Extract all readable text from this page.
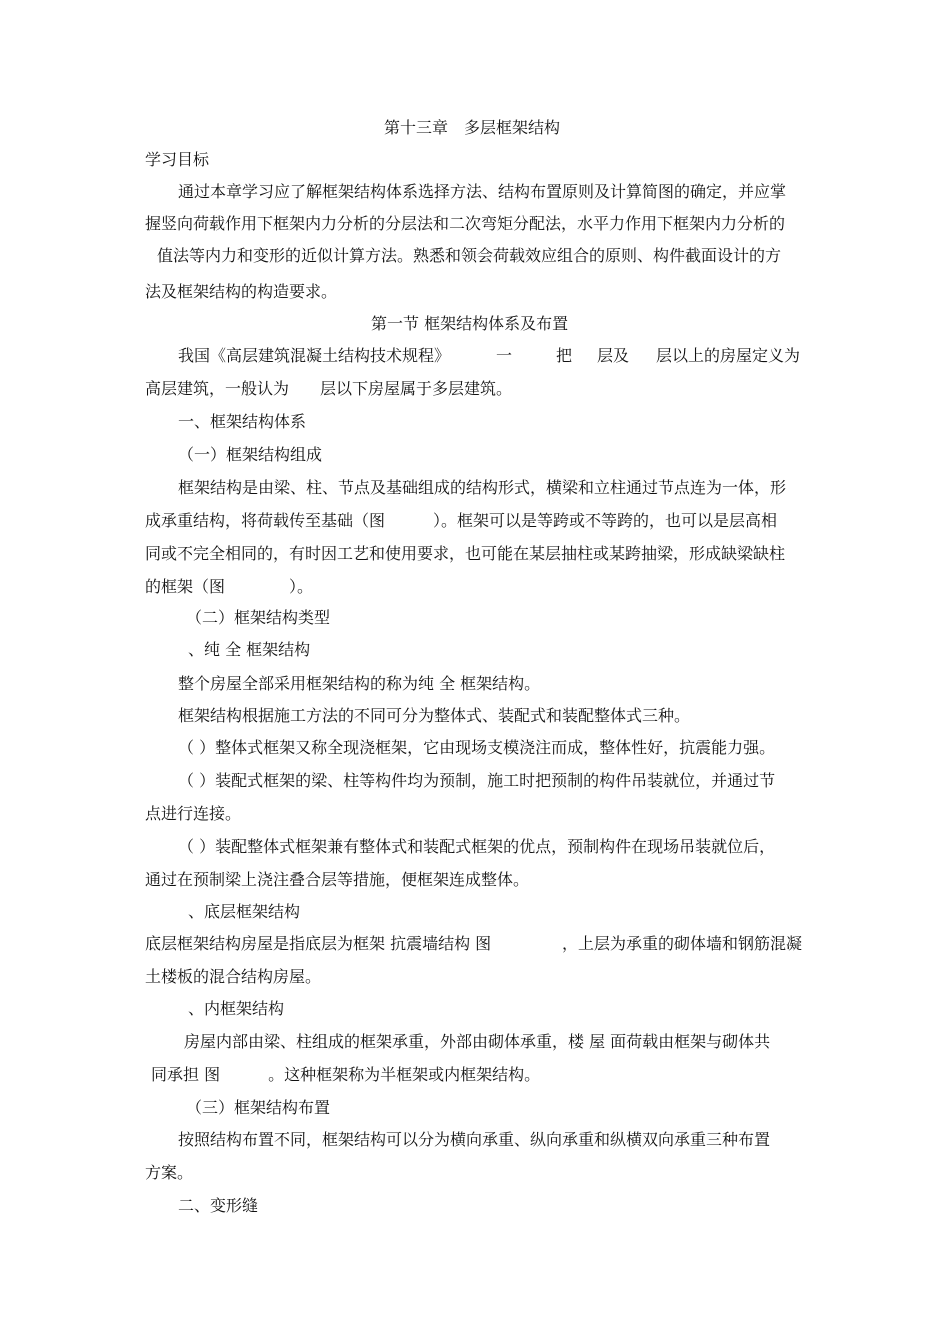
第十三章　多层框架结构
学习目标
通过本章学习应了解框架结构体系选择方法、结构布置原则及计算简图的确定，并应掌
握竖向荷载作用下框架内力分析的分层法和二次弯矩分配法，水平力作用下框架内力分析的
值法等内力和变形的近似计算方法。熟悉和领会荷载效应组合的原则、构件截面设计的方
法及框架结构的构造要求。
第一节 框架结构体系及布置
我国《高层建筑混凝土结构技术规程》	一	把 层及 层以上的房屋定义为
高层建筑，一般认为 层以下房屋属于多层建筑。
一、框架结构体系
（一）框架结构组成
框架结构是由梁、柱、节点及基础组成的结构形式，横梁和立柱通过节点连为一体，形
成承重结构，将荷载传至基础（图　　　）。框架可以是等跨或不等跨的，也可以是层高相
同或不完全相同的，有时因工艺和使用要求，也可能在某层抽柱或某跨抽梁，形成缺梁缺柱
的框架（图　　　　）。
（二）框架结构类型
、纯 全 框架结构
整个房屋全部采用框架结构的称为纯 全 框架结构。
框架结构根据施工方法的不同可分为整体式、装配式和装配整体式三种。
（ ）整体式框架又称全现浇框架，它由现场支模浇注而成，整体性好，抗震能力强。
（ ）装配式框架的梁、柱等构件均为预制，施工时把预制的构件吊装就位，并通过节
点进行连接。
（ ）装配整体式框架兼有整体式和装配式框架的优点，预制构件在现场吊装就位后，
通过在预制梁上浇注叠合层等措施，便框架连成整体。
、底层框架结构
底层框架结构房屋是指底层为框架 抗震墙结构 图	，上层为承重的砌体墙和钢筋混凝
土楼板的混合结构房屋。
、内框架结构
房屋内部由梁、柱组成的框架承重，外部由砌体承重，楼 屋 面荷载由框架与砌体共
同承担 图　　　。这种框架称为半框架或内框架结构。
（三）框架结构布置
按照结构布置不同，框架结构可以分为横向承重、纵向承重和纵横双向承重三种布置
方案。
二、变形缝
